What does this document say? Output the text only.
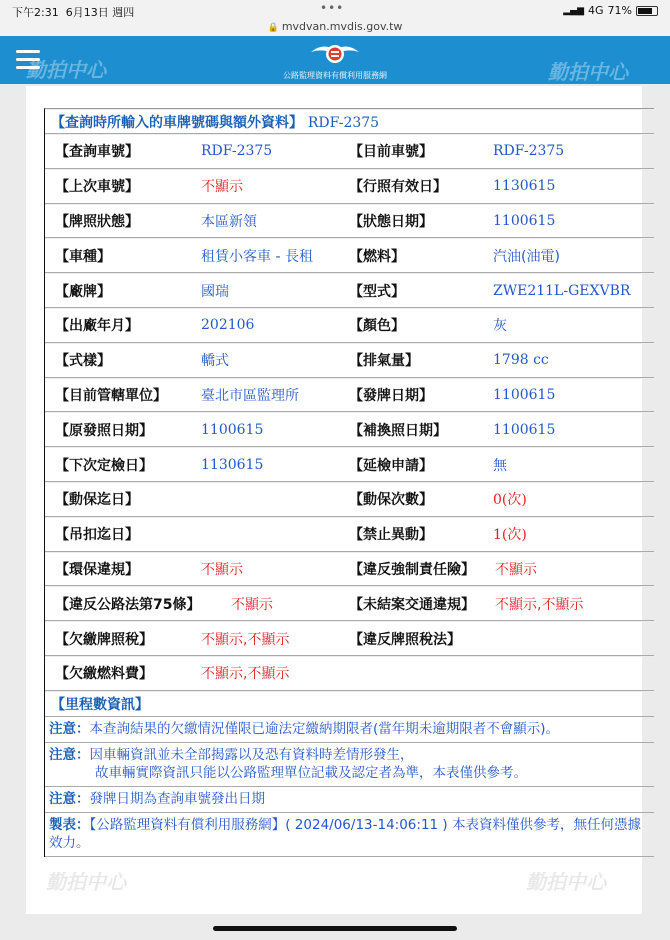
下午2:31 6月13日 週四	•••	▂▄▆ 4G 71%
🔒 mvdvan.mvdis.gov.tw
公路監理資料有償利用服務網
勤拍中心	勤拍中心
【查詢時所輸入的車牌號碼與額外資料】 RDF-2375
【查詢車號】	RDF-2375	【目前車號】	RDF-2375
【上次車號】	不顯示	【行照有效日】	1130615
【牌照狀態】	本區新領	【狀態日期】	1100615
【車種】	租賃小客車 - 長租	【燃料】	汽油(油電)
【廠牌】	國瑞	【型式】	ZWE211L-GEXVBR
【出廠年月】	202106	【顏色】	灰
【式樣】	轎式	【排氣量】	1798 cc
【目前管轄單位】 臺北市區監理所	【發牌日期】	1100615
【原發照日期】	1100615	【補換照日期】	1100615
【下次定檢日】	1130615	【延檢申請】	無
【動保迄日】	【動保次數】	0(次)
【吊扣迄日】	【禁止異動】	1(次)
【環保違規】	不顯示	【違反強制責任險】 不顯示
【違反公路法第75條】 不顯示	【未結案交通違規】 不顯示,不顯示
【欠繳牌照稅】	不顯示,不顯示	【違反牌照稅法】
【欠繳燃料費】	不顯示,不顯示
【里程數資訊】
注意：本查詢結果的欠繳情況僅限已逾法定繳納期限者(當年期未逾期限者不會顯示)。
注意：因車輛資訊並未全部揭露以及恐有資料時差情形發生，
故車輛實際資訊只能以公路監理單位記載及認定者為準，本表僅供參考。
注意：發牌日期為查詢車號發出日期
製表：【公路監理資料有償利用服務網】( 2024/06/13-14:06:11 ) 本表資料僅供參考，無任何憑據效力。
勤拍中心	勤拍中心
